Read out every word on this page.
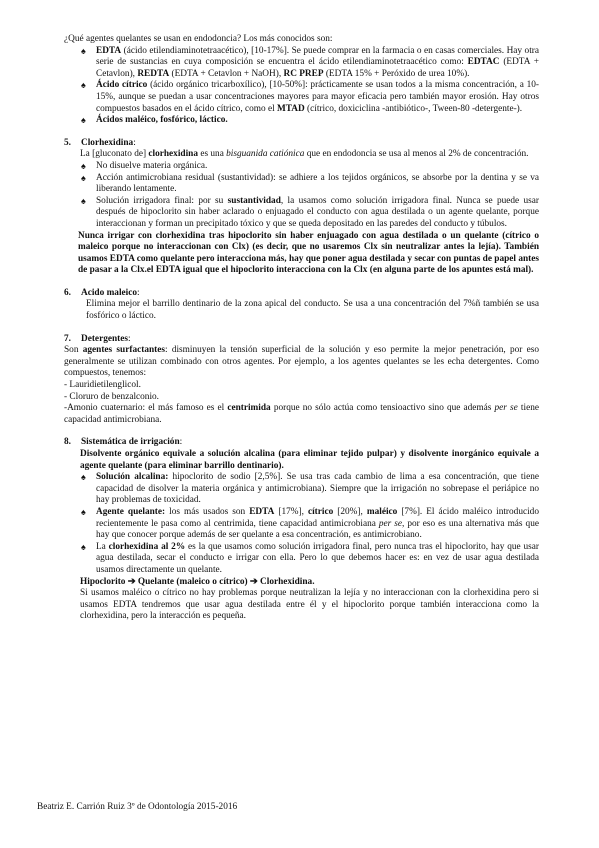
¿Qué agentes quelantes se usan en endodoncia? Los más conocidos son:

♠ EDTA (ácido etilendiaminotetraacético), [10-17%]. Se puede comprar en la farmacia o en casas comerciales. Hay otra serie de sustancias en cuya composición se encuentra el ácido etilendiaminotetraacético como: EDTAC (EDTA + Cetavlon), REDTA (EDTA + Cetavlon + NaOH), RC PREP (EDTA 15% + Peróxido de urea 10%).
♠ Ácido cítrico (ácido orgánico tricarboxílico), [10-50%]: prácticamente se usan todos a la misma concentración, a 10-15%, aunque se puedan a usar concentraciones mayores para mayor eficacia pero también mayor erosión. Hay otros compuestos basados en el ácido cítrico, como el MTAD (cítrico, doxiciclina -antibiótico-, Tween-80 -detergente-).
♠ Ácidos maléico, fosfórico, láctico.
5. Clorhexidina:

La [gluconato de] clorhexidina es una bisguanida catiónica que en endodoncia se usa al menos al 2% de concentración.

♠ No disuelve materia orgánica.
♠ Acción antimicrobiana residual (sustantividad): se adhiere a los tejidos orgánicos, se absorbe por la dentina y se va liberando lentamente.
♠ Solución irrigadora final: por su sustantividad, la usamos como solución irrigadora final. Nunca se puede usar después de hipoclorito sin haber aclarado o enjuagado el conducto con agua destilada o un agente quelante, porque interaccionan y forman un precipitado tóxico y que se queda depositado en las paredes del conducto y túbulos.

Nunca irrigar con clorhexidina tras hipoclorito sin haber enjuagado con agua destilada o un quelante (cítrico o maleico porque no interaccionan con Clx) (es decir, que no usaremos Clx sin neutralizar antes la lejía). También usamos EDTA como quelante pero interacciona más, hay que poner agua destilada y secar con puntas de papel antes de pasar a la Clx.el EDTA igual que el hipoclorito interacciona con la Clx (en alguna parte de los apuntes está mal).

6. Acido maleico:

Elimina mejor el barrillo dentinario de la zona apical del conducto. Se usa a una concentración del 7%ñ también se usa fosfórico o láctico.

7. Detergentes:

Son agentes surfactantes: disminuyen la tensión superficial de la solución y eso permite la mejor penetración, por eso generalmente se utilizan combinado con otros agentes. Por ejemplo, a los agentes quelantes se les echa detergentes. Como compuestos, tenemos:

- Lauridietilenglicol.

- Cloruro de benzalconio.

-Amonio cuaternario: el más famoso es el centrimida porque no sólo actúa como tensioactivo sino que además per se tiene capacidad antimicrobiana.

8. Sistemática de irrigación:

Disolvente orgánico equivale a solución alcalina (para eliminar tejido pulpar) y disolvente inorgánico equivale a agente quelante (para eliminar barrillo dentinario).

♠ Solución alcalina: hipoclorito de sodio [2,5%]. Se usa tras cada cambio de lima a esa concentración, que tiene capacidad de disolver la materia orgánica y antimicrobiana). Siempre que la irrigación no sobrepase el periápice no hay problemas de toxicidad.
♠ Agente quelante: los más usados son EDTA [17%], cítrico [20%], maléico [7%]. El ácido maléico introducido recientemente le pasa como al centrimida, tiene capacidad antimicrobiana per se, por eso es una alternativa más que hay que conocer porque además de ser quelante a esa concentración, es antimicrobiano.
♠ La clorhexidina al 2% es la que usamos como solución irrigadora final, pero nunca tras el hipoclorito, hay que usar agua destilada, secar el conducto e irrigar con ella. Pero lo que debemos hacer es: en vez de usar agua destilada usamos directamente un quelante.

Hipoclorito ➔ Quelante (maleico o cítrico) ➔ Clorhexidina.

Si usamos maléico o cítrico no hay problemas porque neutralizan la lejía y no interaccionan con la clorhexidina pero si usamos EDTA tendremos que usar agua destilada entre él y el hipoclorito porque también interacciona como la clorhexidina, pero la interacción es pequeña.

Beatriz E. Carrión Ruiz 3º de Odontología 2015-2016
